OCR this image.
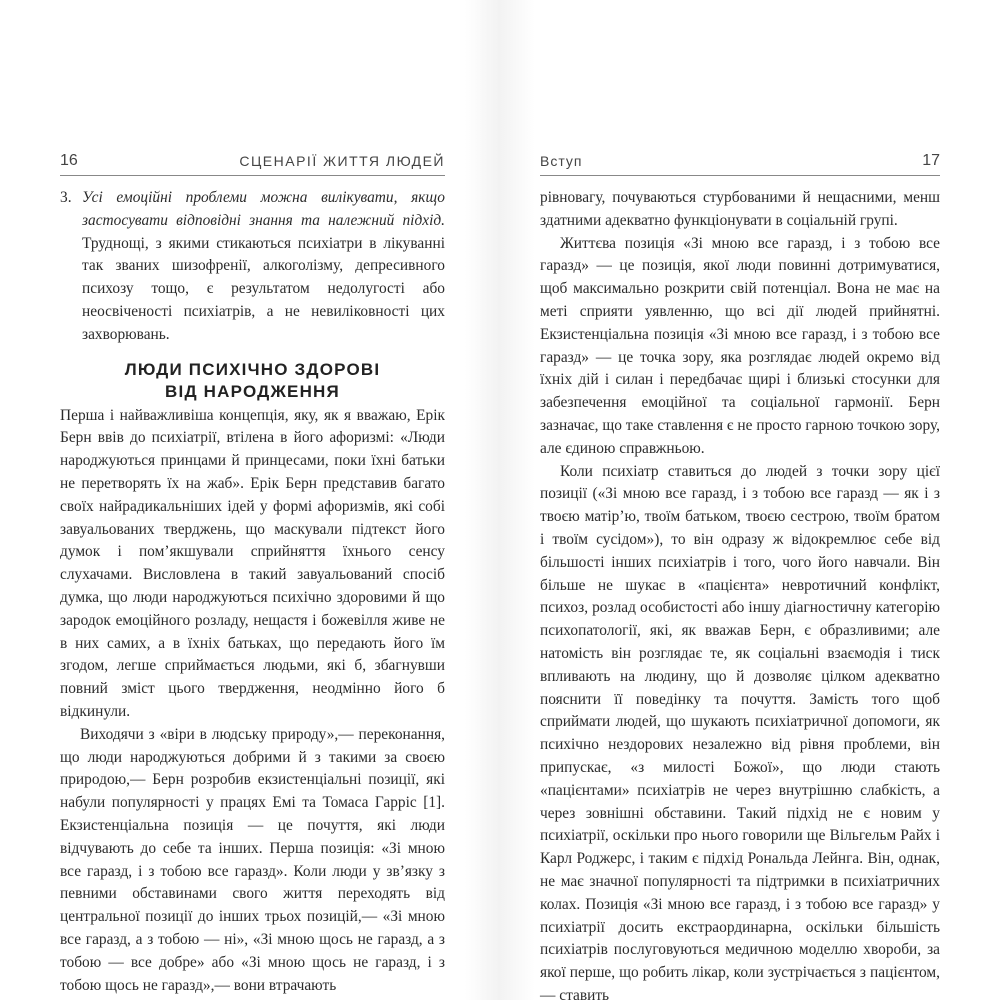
16	СЦЕНАРІЇ ЖИТТЯ ЛЮДЕЙ

3. Усі емоційні проблеми можна вилікувати, якщо застосувати відповідні знання та належний підхід. Труднощі, з якими стикаються психіатри в лікуванні так званих шизофренії, алкоголізму, депресивного психозу тощо, є результатом недолугості або неосвіченості психіатрів, а не невиліковності цих захворювань.

ЛЮДИ ПСИХІЧНО ЗДОРОВІ
ВІД НАРОДЖЕННЯ

Перша і найважливіша концепція, яку, як я вважаю, Ерік Берн ввів до психіатрії, втілена в його афоризмі: «Люди народжуються принцами й принцесами, поки їхні батьки не перетворять їх на жаб». Ерік Берн представив багато своїх найрадикальніших ідей у формі афоризмів, які собі завуальованих тверджень, що маскували підтекст його думок і пом’якшували сприйняття їхнього сенсу слухачами. Висловлена в такий завуальований спосіб думка, що люди народжуються психічно здоровими й що зародок емоційного розладу, нещастя і божевілля живе не в них самих, а в їхніх батьках, що передають його їм згодом, легше сприймається людьми, які б, збагнувши повний зміст цього твердження, неодмінно його б відкинули.

Виходячи з «віри в людську природу»,— переконання, що люди народжуються добрими й з такими за своєю природою,— Берн розробив екзистенціальні позиції, які набули популярності у працях Емі та Томаса Гарріс [1]. Екзистенціальна позиція — це почуття, які люди відчувають до себе та інших. Перша позиція: «Зі мною все гаразд, і з тобою все гаразд». Коли люди у зв’язку з певними обставинами свого життя переходять від центральної позиції до інших трьох позицій,— «Зі мною все гаразд, а з тобою — ні», «Зі мною щось не гаразд, а з тобою — все добре» або «Зі мною щось не гаразд, і з тобою щось не гаразд»,— вони втрачають

Вступ	17

рівновагу, почуваються стурбованими й нещасними, менш здатними адекватно функціонувати в соціальній групі.

Життєва позиція «Зі мною все гаразд, і з тобою все гаразд» — це позиція, якої люди повинні дотримуватися, щоб максимально розкрити свій потенціал. Вона не має на меті сприяти уявленню, що всі дії людей прийнятні. Екзистенціальна позиція «Зі мною все гаразд, і з тобою все гаразд» — це точка зору, яка розглядає людей окремо від їхніх дій і силан і передбачає щирі і близькі стосунки для забезпечення емоційної та соціальної гармонії. Берн зазначає, що таке ставлення є не просто гарною точкою зору, але єдиною справжньою.

Коли психіатр ставиться до людей з точки зору цієї позиції («Зі мною все гаразд, і з тобою все гаразд — як і з твоєю матір’ю, твоїм батьком, твоєю сестрою, твоїм братом і твоїм сусідом»), то він одразу ж відокремлює себе від більшості інших психіатрів і того, чого його навчали. Він більше не шукає в «пацієнта» невротичний конфлікт, психоз, розлад особистості або іншу діагностичну категорію психопатології, які, як вважав Берн, є образливими; але натомість він розглядає те, як соціальні взаємодія і тиск впливають на людину, що й дозволяє цілком адекватно пояснити її поведінку та почуття. Замість того щоб сприймати людей, що шукають психіатричної допомоги, як психічно нездорових незалежно від рівня проблеми, він припускає, «з милості Божої», що люди стають «пацієнтами» психіатрів не через внутрішню слабкість, а через зовнішні обставини. Такий підхід не є новим у психіатрії, оскільки про нього говорили ще Вільгельм Райх і Карл Роджерс, і таким є підхід Рональда Лейнга. Він, однак, не має значної популярності та підтримки в психіатричних колах. Позиція «Зі мною все гаразд, і з тобою все гаразд» у психіатрії досить екстраординарна, оскільки більшість психіатрів послуговуються медичною моделлю хвороби, за якої перше, що робить лікар, коли зустрічається з пацієнтом,— ставить
